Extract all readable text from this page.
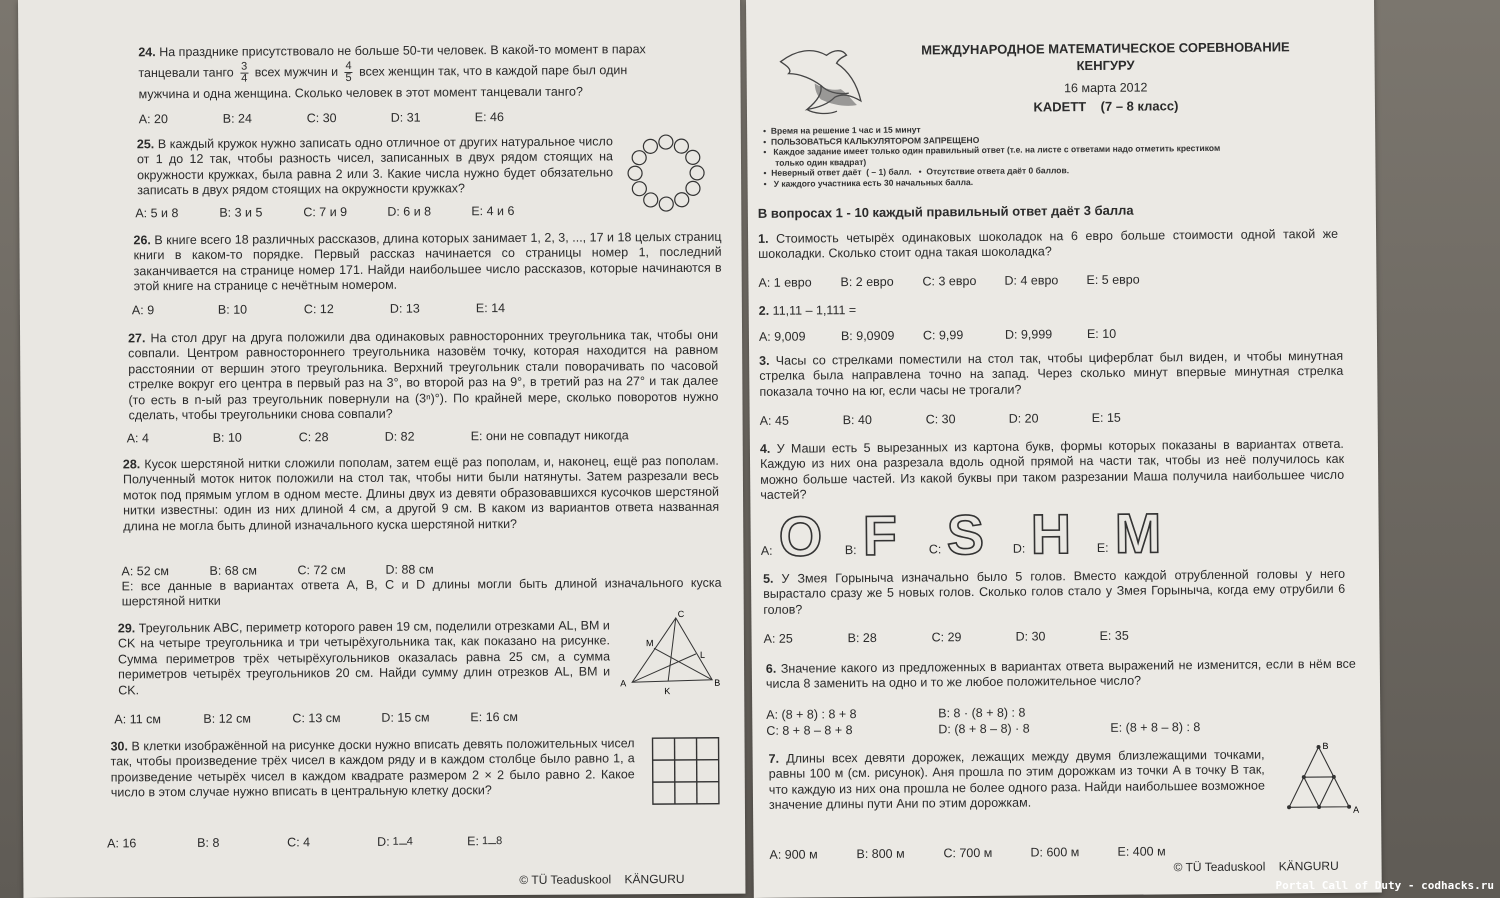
24. На празднике присутствовало не больше 50-ти человек. В какой-то момент в парах
танцевали танго $\frac{3}{4}$ всех мужчин и $\frac{4}{5}$ всех женщин так, что в каждой паре был один
мужчина и одна женщина. Сколько человек в этот момент танцевали танго?
A: 20	B: 24	C: 30	D: 31	E: 46
25. В каждый кружок нужно записать одно отличное от других натуральное число от 1 до 12 так, чтобы разность чисел, записанных в двух рядом стоящих на окружности кружках, была равна 2 или 3. Какие числа нужно будет обязательно записать в двух рядом стоящих на окружности кружках?
A: 5 и 8	B: 3 и 5	C: 7 и 9	D: 6 и 8	E: 4 и 6
26. В книге всего 18 различных рассказов, длина которых занимает 1, 2, 3, ..., 17 и 18 целых страниц книги в каком-то порядке. Первый рассказ начинается со страницы номер 1, последний заканчивается на странице номер 171. Найди наибольшее число рассказов, которые начинаются в этой книге на странице с нечётным номером.
A: 9	B: 10	C: 12	D: 13	E: 14
27. На стол друг на друга положили два одинаковых равносторонних треугольника так, чтобы они совпали. Центром равностороннего треугольника назовём точку, которая находится на равном расстоянии от вершин этого треугольника. Верхний треугольник стали поворачивать по часовой стрелке вокруг его центра в первый раз на 3°, во второй раз на 9°, в третий раз на 27° и так далее (то есть в n-ый раз треугольник повернули на (3ⁿ)°). По крайней мере, сколько поворотов нужно сделать, чтобы треугольники снова совпали?
A: 4	B: 10	C: 28	D: 82	E: они не совпадут никогда
28. Кусок шерстяной нитки сложили пополам, затем ещё раз пополам, и, наконец, ещё раз пополам. Полученный моток ниток положили на стол так, чтобы нити были натянуты. Затем разрезали весь моток под прямым углом в одном месте. Длины двух из девяти образовавшихся кусочков шерстяной нитки известны: один из них длиной 4 см, а другой 9 см. В каком из вариантов ответа названная длина не могла быть длиной изначального куска шерстяной нитки?
A: 52 см	B: 68 см	C: 72 см	D: 88 см
E: все данные в вариантах ответа A, B, C и D длины могли быть длиной изначального куска шерстяной нитки
29. Треугольник ABC, периметр которого равен 19 см, поделили отрезками AL, BM и CK на четыре треугольника и три четырёхугольника так, как показано на рисунке. Сумма периметров трёх четырёхугольников оказалась равна 25 см, а сумма периметров четырёх треугольников 20 см. Найди сумму длин отрезков AL, BM и CK.	A	B
C
K
L
M
A: 11 см	B: 12 см	C: 13 см	D: 15 см	E: 16 см
30. В клетки изображённой на рисунке доски нужно вписать девять положительных чисел так, чтобы произведение трёх чисел в каждом ряду и в каждом столбце было равно 1, а произведение четырёх чисел в каждом квадрате размером 2 × 2 было равно 2. Какое число в этом случае нужно вписать в центральную клетку доски?
A: 16	B: 8	C: 4	D: 1 4	E: 1 8
© TÜ Teaduskool    KÄNGURU
МЕЖДУНАРОДНОЕ МАТЕМАТИЧЕСКОЕ СОРЕВНОВАНИЕ
КЕНГУРУ
16 марта 2012
KADETT    (7 – 8 класс)
•  Время на решение 1 час и 15 минут
•  ПОЛЬЗОВАТЬСЯ КАЛЬКУЛЯТОРОМ ЗАПРЕЩЕНО
•   Каждое задание имеет только один правильный ответ (т.е. на листе с ответами надо отметить крестиком
только один квадрат)
•  Неверный ответ даёт  ( – 1) балл.   •  Отсутствие ответа даёт 0 баллов.
•   У каждого участника есть 30 начальных балла.
В вопросах 1 - 10 каждый правильный ответ даёт 3 балла
1. Стоимость четырёх одинаковых шоколадок на 6 евро больше стоимости одной такой же шоколадки. Сколько стоит одна такая шоколадка?
A: 1 евро B: 2 евро C: 3 евро D: 4 евро E: 5 евро
2. 11,11 – 1,111 =
A: 9,009	B: 9,0909 C: 9,99	D: 9,999	E: 10
3. Часы со стрелками поместили на стол так, чтобы циферблат был виден, и чтобы минутная стрелка была направлена точно на запад. Через сколько минут впервые минутная стрелка показала точно на юг, если часы не трогали?
A: 45	B: 40	C: 30	D: 20	E: 15
4. У Маши есть 5 вырезанных из картона букв, формы которых показаны в вариантах ответа. Каждую из них она разрезала вдоль одной прямой на части так, чтобы из неё получилось как можно больше частей. Из какой буквы при таком разрезании Маша получила наибольшее число частей?
A: O B: F	C: S D: H E: M
5. У Змея Горыныча изначально было 5 голов. Вместо каждой отрубленной головы у него вырастало сразу же 5 новых голов. Сколько голов стало у Змея Горыныча, когда ему отрубили 6 голов?
A: 25	B: 28	C: 29	D: 30	E: 35
6. Значение какого из предложенных в вариантах ответа выражений не изменится, если в нём все числа 8 заменить на одно и то же любое положительное число?
A: (8 + 8) : 8 + 8	B: 8 · (8 + 8) : 8
C: 8 + 8 – 8 + 8	D: (8 + 8 – 8) · 8	E: (8 + 8 – 8) : 8
7. Длины всех девяти дорожек, лежащих между двумя близлежащими точками, равны 100 м (см. рисунок). Аня прошла по этим дорожкам из точки A в точку B так, что каждую из них она прошла не более одного раза. Найди наибольшее возможное значение длины пути Ани по этим дорожкам.
B
A
A: 900 м	B: 800 м	C: 700 м	D: 600 м	E: 400 м
© TÜ Teaduskool    KÄNGURU
Portal Call of Duty - codhacks.ru
